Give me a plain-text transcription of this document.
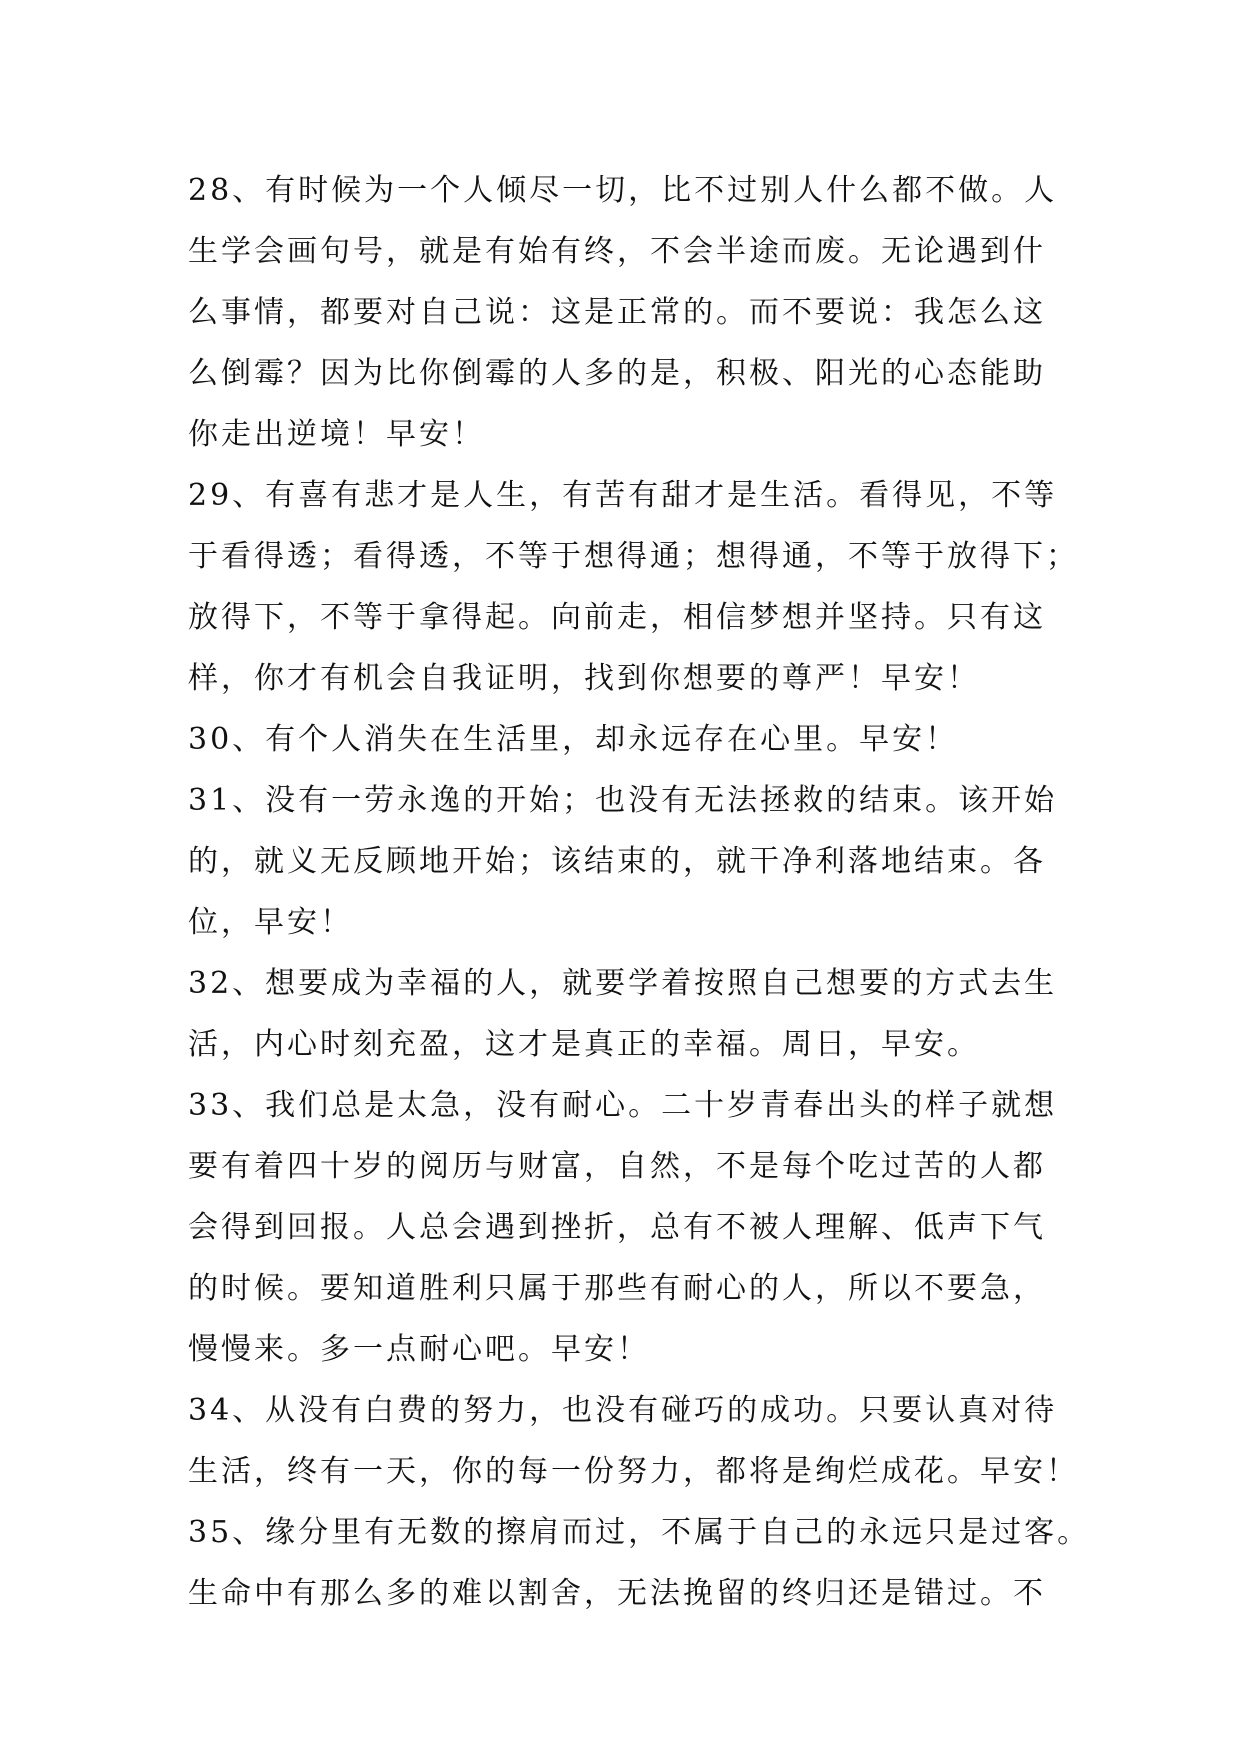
28、有时候为一个人倾尽一切，比不过别人什么都不做。人
生学会画句号，就是有始有终，不会半途而废。无论遇到什
么事情，都要对自己说：这是正常的。而不要说：我怎么这
么倒霉？因为比你倒霉的人多的是，积极、阳光的心态能助
你走出逆境！早安！

29、有喜有悲才是人生，有苦有甜才是生活。看得见，不等
于看得透；看得透，不等于想得通；想得通，不等于放得下；
放得下，不等于拿得起。向前走，相信梦想并坚持。只有这
样，你才有机会自我证明，找到你想要的尊严！早安！

30、有个人消失在生活里，却永远存在心里。早安！

31、没有一劳永逸的开始；也没有无法拯救的结束。该开始
的，就义无反顾地开始；该结束的，就干净利落地结束。各
位，早安！

32、想要成为幸福的人，就要学着按照自己想要的方式去生
活，内心时刻充盈，这才是真正的幸福。周日，早安。

33、我们总是太急，没有耐心。二十岁青春出头的样子就想
要有着四十岁的阅历与财富，自然，不是每个吃过苦的人都
会得到回报。人总会遇到挫折，总有不被人理解、低声下气
的时候。要知道胜利只属于那些有耐心的人，所以不要急，
慢慢来。多一点耐心吧。早安！

34、从没有白费的努力，也没有碰巧的成功。只要认真对待
生活，终有一天，你的每一份努力，都将是绚烂成花。早安！

35、缘分里有无数的擦肩而过，不属于自己的永远只是过客。
生命中有那么多的难以割舍，无法挽留的终归还是错过。不
